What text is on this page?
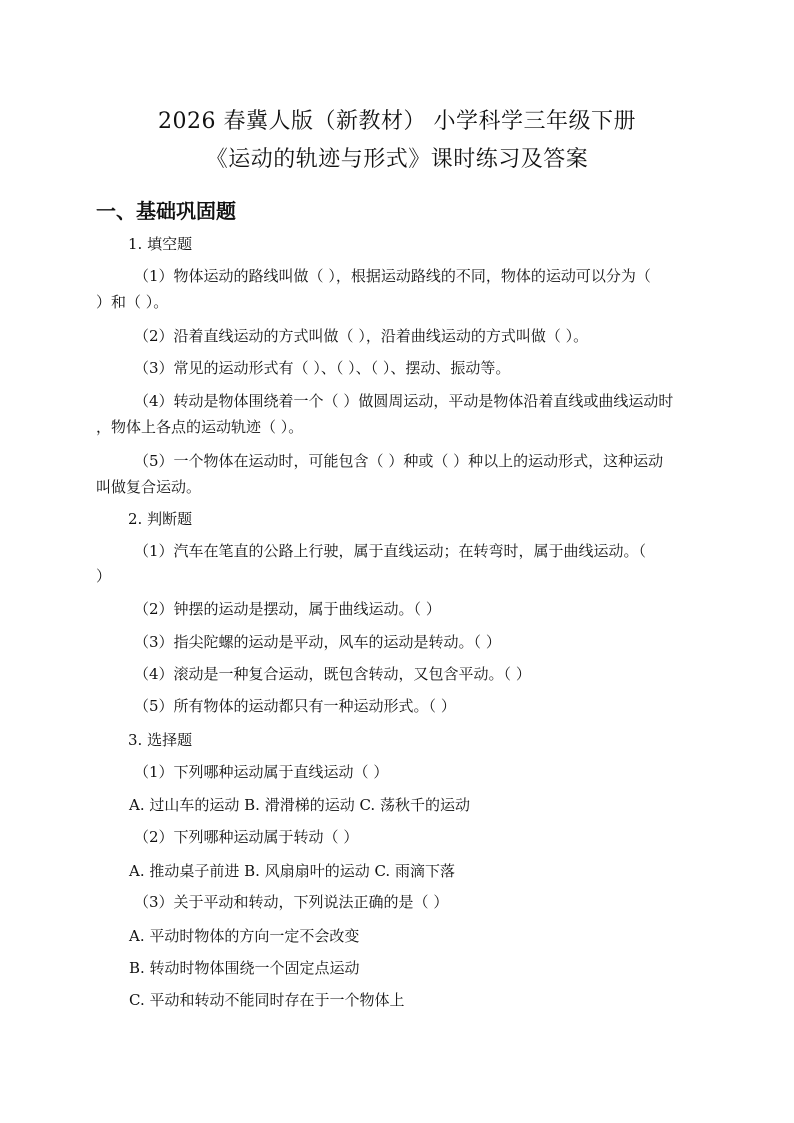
2026 春冀人版（新教材） 小学科学三年级下册
《运动的轨迹与形式》课时练习及答案
一、基础巩固题
1. 填空题
（1）物体运动的路线叫做（ ），根据运动路线的不同，物体的运动可以分为（
）和（ ）。
（2）沿着直线运动的方式叫做（ ），沿着曲线运动的方式叫做（ ）。
（3）常见的运动形式有（ ）、（ ）、（ ）、摆动、振动等。
（4）转动是物体围绕着一个（ ）做圆周运动，平动是物体沿着直线或曲线运动时
，物体上各点的运动轨迹（ ）。
（5）一个物体在运动时，可能包含（ ）种或（ ）种以上的运动形式，这种运动
叫做复合运动。
2. 判断题
（1）汽车在笔直的公路上行驶，属于直线运动；在转弯时，属于曲线运动。（
）
（2）钟摆的运动是摆动，属于曲线运动。（ ）
（3）指尖陀螺的运动是平动，风车的运动是转动。（ ）
（4）滚动是一种复合运动，既包含转动，又包含平动。（ ）
（5）所有物体的运动都只有一种运动形式。（ ）
3. 选择题
（1）下列哪种运动属于直线运动（ ）
A. 过山车的运动 B. 滑滑梯的运动 C. 荡秋千的运动
（2）下列哪种运动属于转动（ ）
A. 推动桌子前进 B. 风扇扇叶的运动 C. 雨滴下落
（3）关于平动和转动，下列说法正确的是（ ）
A. 平动时物体的方向一定不会改变
B. 转动时物体围绕一个固定点运动
C. 平动和转动不能同时存在于一个物体上
